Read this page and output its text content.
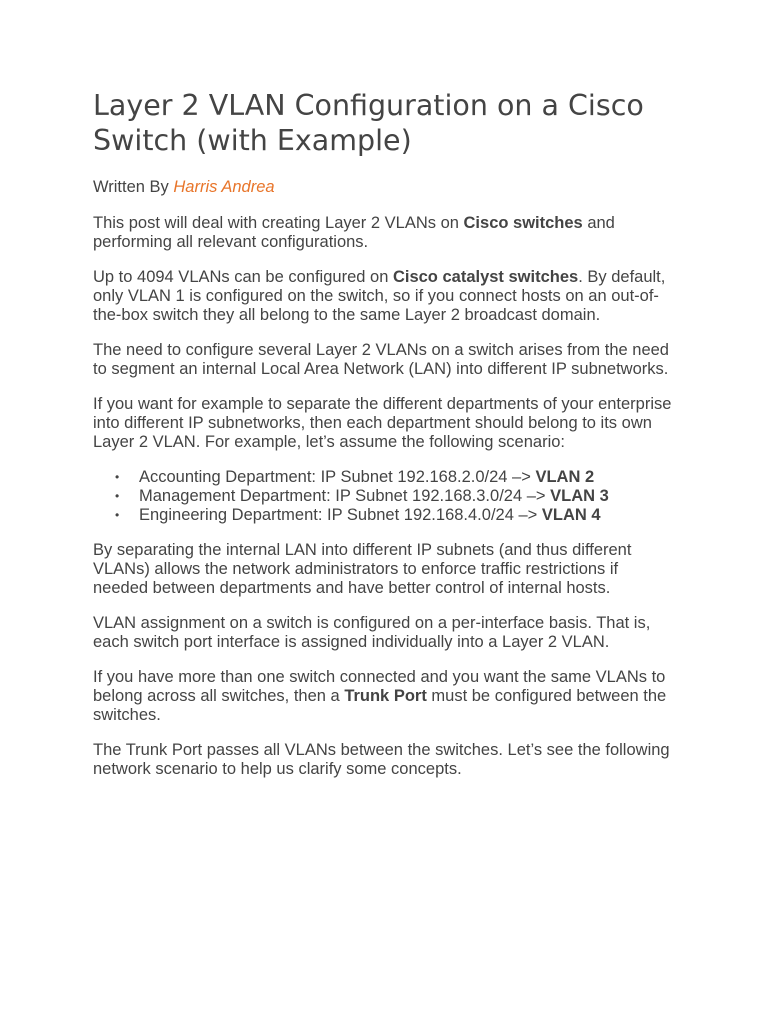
Layer 2 VLAN Configuration on a Cisco Switch (with Example)
Written By Harris Andrea

This post will deal with creating Layer 2 VLANs on Cisco switches and performing all relevant configurations.

Up to 4094 VLANs can be configured on Cisco catalyst switches. By default, only VLAN 1 is configured on the switch, so if you connect hosts on an out-of-the-box switch they all belong to the same Layer 2 broadcast domain.

The need to configure several Layer 2 VLANs on a switch arises from the need to segment an internal Local Area Network (LAN) into different IP subnetworks.

If you want for example to separate the different departments of your enterprise into different IP subnetworks, then each department should belong to its own Layer 2 VLAN. For example, let’s assume the following scenario:

• Accounting Department: IP Subnet 192.168.2.0/24 –> VLAN 2
• Management Department: IP Subnet 192.168.3.0/24 –> VLAN 3
• Engineering Department: IP Subnet 192.168.4.0/24 –> VLAN 4

By separating the internal LAN into different IP subnets (and thus different VLANs) allows the network administrators to enforce traffic restrictions if needed between departments and have better control of internal hosts.

VLAN assignment on a switch is configured on a per-interface basis. That is, each switch port interface is assigned individually into a Layer 2 VLAN.

If you have more than one switch connected and you want the same VLANs to belong across all switches, then a Trunk Port must be configured between the switches.

The Trunk Port passes all VLANs between the switches. Let’s see the following network scenario to help us clarify some concepts.
